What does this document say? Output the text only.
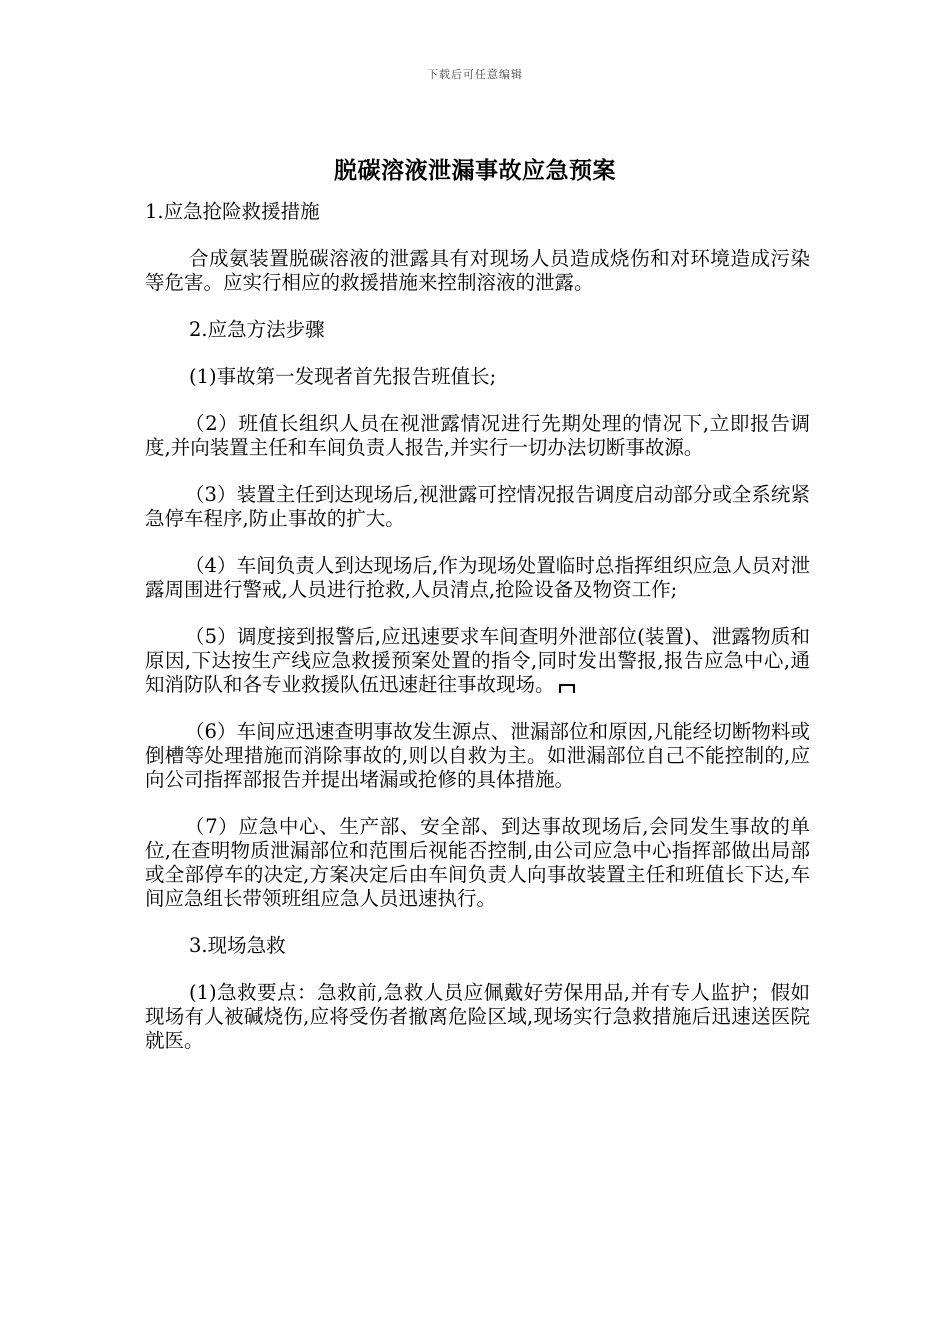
下载后可任意编辑
脱碳溶液泄漏事故应急预案

1.应急抢险救援措施

合成氨装置脱碳溶液的泄露具有对现场人员造成烧伤和对环境造成污染等危害。应实行相应的救援措施来控制溶液的泄露。

2.应急方法步骤

(1)事故第一发现者首先报告班值长;

（2）班值长组织人员在视泄露情况进行先期处理的情况下,立即报告调度,并向装置主任和车间负责人报告,并实行一切办法切断事故源。

（3）装置主任到达现场后,视泄露可控情况报告调度启动部分或全系统紧急停车程序,防止事故的扩大。

（4）车间负责人到达现场后,作为现场处置临时总指挥组织应急人员对泄露周围进行警戒,人员进行抢救,人员清点,抢险设备及物资工作;

（5）调度接到报警后,应迅速要求车间查明外泄部位(装置)、泄露物质和原因,下达按生产线应急救援预案处置的指令,同时发出警报,报告应急中心,通知消防队和各专业救援队伍迅速赶往事故现场。

（6）车间应迅速查明事故发生源点、泄漏部位和原因,凡能经切断物料或倒槽等处理措施而消除事故的,则以自救为主。如泄漏部位自己不能控制的,应向公司指挥部报告并提出堵漏或抢修的具体措施。

（7）应急中心、生产部、安全部、到达事故现场后,会同发生事故的单位,在查明物质泄漏部位和范围后视能否控制,由公司应急中心指挥部做出局部或全部停车的决定,方案决定后由车间负责人向事故装置主任和班值长下达,车间应急组长带领班组应急人员迅速执行。

3.现场急救

(1)急救要点：急救前,急救人员应佩戴好劳保用品,并有专人监护；假如现场有人被碱烧伤,应将受伤者撤离危险区域,现场实行急救措施后迅速送医院就医。
